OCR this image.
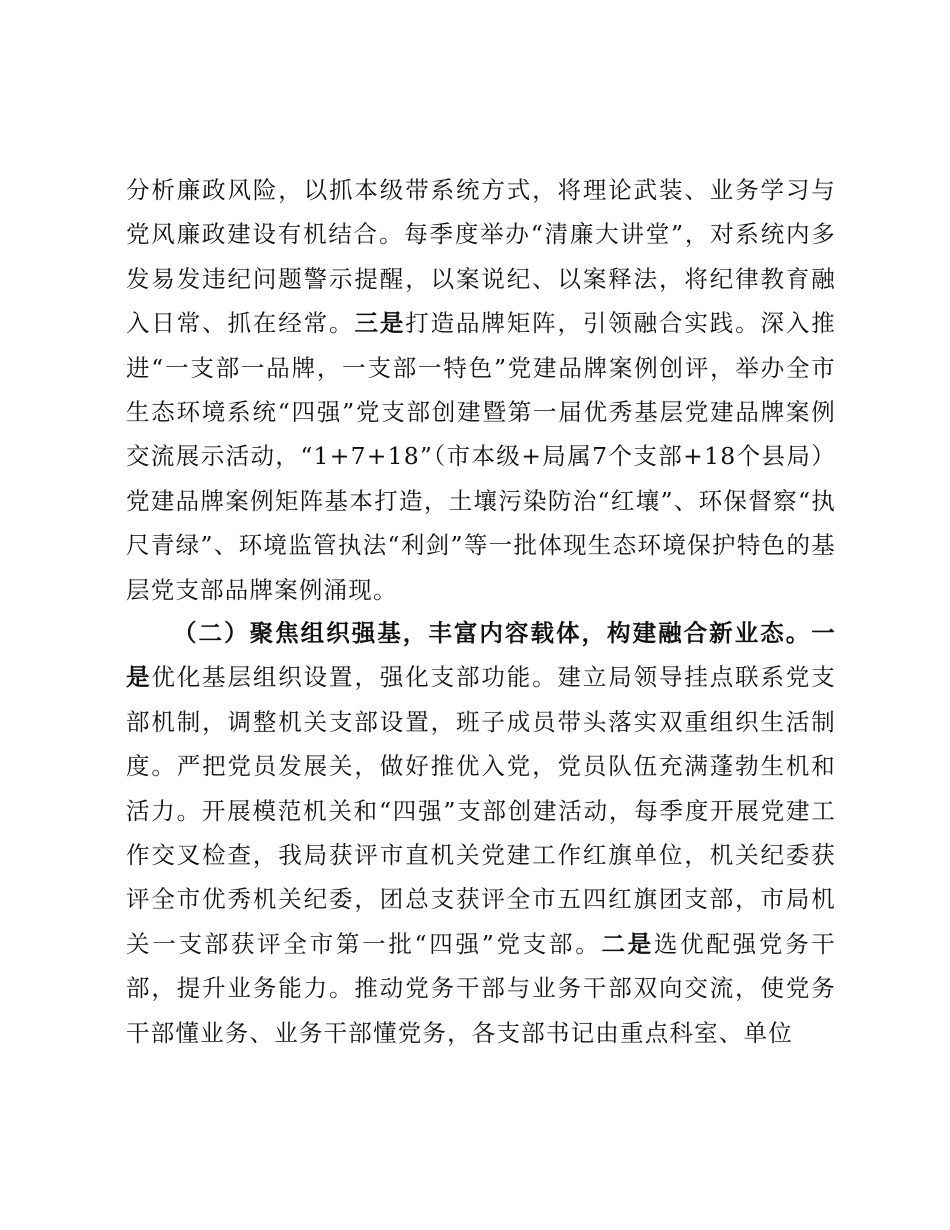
分析廉政风险，以抓本级带系统方式，将理论武装、业务学习与党风廉政建设有机结合。每季度举办“清廉大讲堂”，对系统内多发易发违纪问题警示提醒，以案说纪、以案释法，将纪律教育融入日常、抓在经常。三是打造品牌矩阵，引领融合实践。深入推进“一支部一品牌，一支部一特色”党建品牌案例创评，举办全市生态环境系统“四强”党支部创建暨第一届优秀基层党建品牌案例交流展示活动，“1+7+18”（市本级+局属7个支部+18个县局）党建品牌案例矩阵基本打造，土壤污染防治“红壤”、环保督察“执尺青绿”、环境监管执法“利剑”等一批体现生态环境保护特色的基层党支部品牌案例涌现。

（二）聚焦组织强基，丰富内容载体，构建融合新业态。一是优化基层组织设置，强化支部功能。建立局领导挂点联系党支部机制，调整机关支部设置，班子成员带头落实双重组织生活制度。严把党员发展关，做好推优入党，党员队伍充满蓬勃生机和活力。开展模范机关和“四强”支部创建活动，每季度开展党建工作交叉检查，我局获评市直机关党建工作红旗单位，机关纪委获评全市优秀机关纪委，团总支获评全市五四红旗团支部，市局机关一支部获评全市第一批“四强”党支部。二是选优配强党务干部，提升业务能力。推动党务干部与业务干部双向交流，使党务干部懂业务、业务干部懂党务，各支部书记由重点科室、单位
